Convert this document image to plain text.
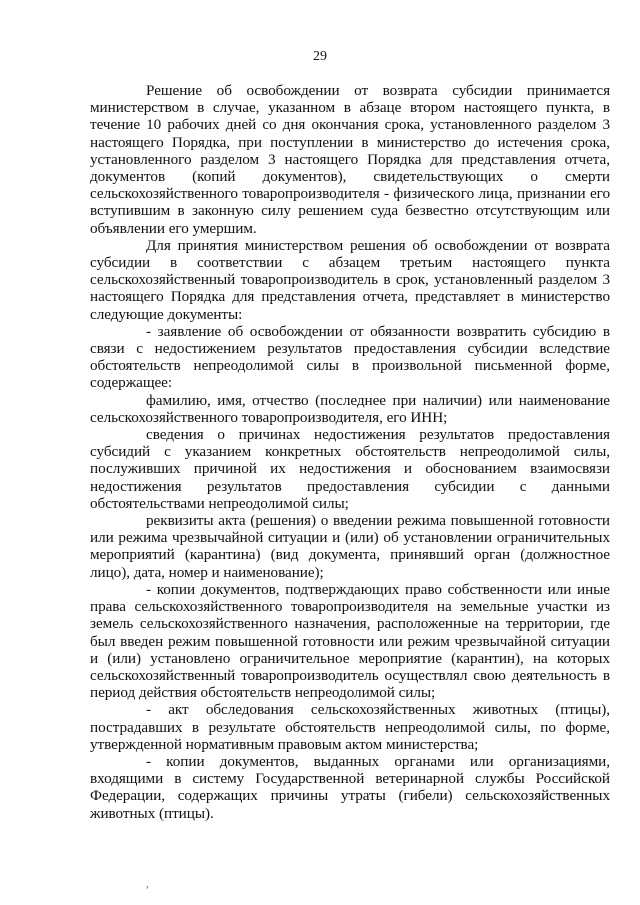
29

Решение об освобождении от возврата субсидии принимается министерством в случае, указанном в абзаце втором настоящего пункта, в течение 10 рабочих дней со дня окончания срока, установленного разделом 3 настоящего Порядка, при поступлении в министерство до истечения срока, установленного разделом 3 настоящего Порядка для представления отчета, документов (копий документов), свидетельствующих о смерти сельскохозяйственного товаропроизводителя - физического лица, признании его вступившим в законную силу решением суда безвестно отсутствующим или объявлении его умершим.

Для принятия министерством решения об освобождении от возврата субсидии в соответствии с абзацем третьим настоящего пункта сельскохозяйственный товаропроизводитель в срок, установленный разделом 3 настоящего Порядка для представления отчета, представляет в министерство следующие документы:

- заявление об освобождении от обязанности возвратить субсидию в связи с недостижением результатов предоставления субсидии вследствие обстоятельств непреодолимой силы в произвольной письменной форме, содержащее:

фамилию, имя, отчество (последнее при наличии) или наименование сельскохозяйственного товаропроизводителя, его ИНН;

сведения о причинах недостижения результатов предоставления субсидий с указанием конкретных обстоятельств непреодолимой силы, послуживших причиной их недостижения и обоснованием взаимосвязи недостижения результатов предоставления субсидии с данными обстоятельствами непреодолимой силы;

реквизиты акта (решения) о введении режима повышенной готовности или режима чрезвычайной ситуации и (или) об установлении ограничительных мероприятий (карантина) (вид документа, принявший орган (должностное лицо), дата, номер и наименование);

- копии документов, подтверждающих право собственности или иные права сельскохозяйственного товаропроизводителя на земельные участки из земель сельскохозяйственного назначения, расположенные на территории, где был введен режим повышенной готовности или режим чрезвычайной ситуации и (или) установлено ограничительное мероприятие (карантин), на которых сельскохозяйственный товаропроизводитель осуществлял свою деятельность в период действия обстоятельств непреодолимой силы;

- акт обследования сельскохозяйственных животных (птицы), пострадавших в результате обстоятельств непреодолимой силы, по форме, утвержденной нормативным правовым актом министерства;

- копии документов, выданных органами или организациями, входящими в систему Государственной ветеринарной службы Российской Федерации, содержащих причины утраты (гибели) сельскохозяйственных животных (птицы).

,
